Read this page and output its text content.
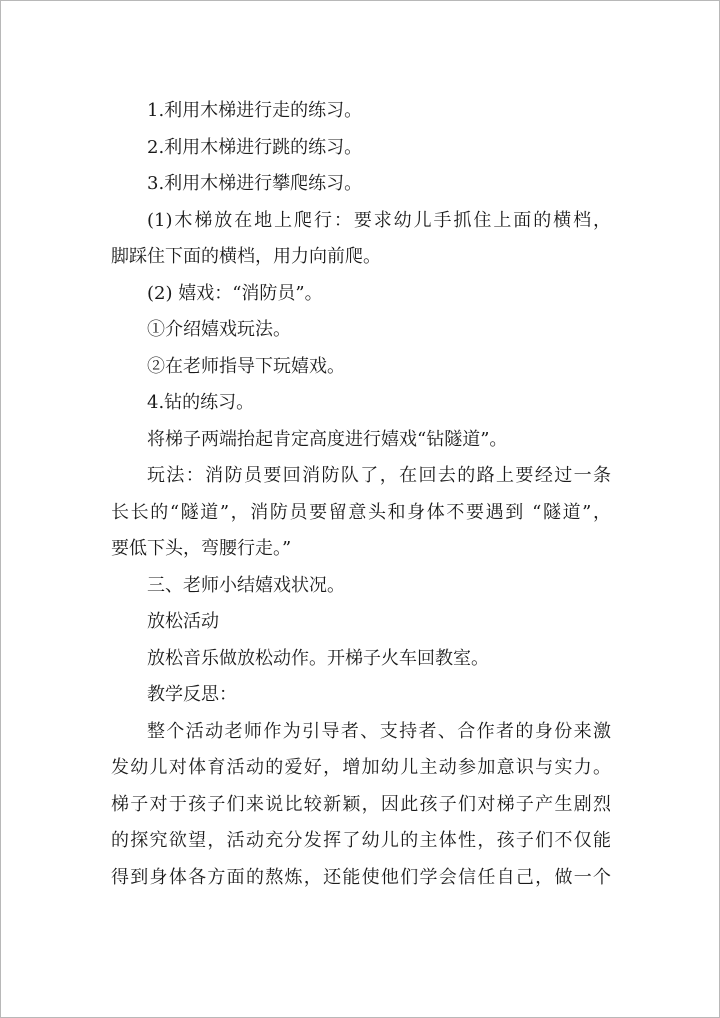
1.利用木梯进行走的练习。
2.利用木梯进行跳的练习。
3.利用木梯进行攀爬练习。
(1)木梯放在地上爬行：要求幼儿手抓住上面的横档，
脚踩住下面的横档，用力向前爬。
(2) 嬉戏：“消防员”。
①介绍嬉戏玩法。
②在老师指导下玩嬉戏。
4.钻的练习。
将梯子两端抬起肯定高度进行嬉戏“钻隧道”。
玩法：消防员要回消防队了，在回去的路上要经过一条
长长的“隧道”，消防员要留意头和身体不要遇到 “隧道”，
要低下头，弯腰行走。”
三、老师小结嬉戏状况。
放松活动
放松音乐做放松动作。开梯子火车回教室。
教学反思：
整个活动老师作为引导者、支持者、合作者的身份来激
发幼儿对体育活动的爱好，增加幼儿主动参加意识与实力。
梯子对于孩子们来说比较新颖，因此孩子们对梯子产生剧烈
的探究欲望，活动充分发挥了幼儿的主体性，孩子们不仅能
得到身体各方面的熬炼，还能使他们学会信任自己，做一个
